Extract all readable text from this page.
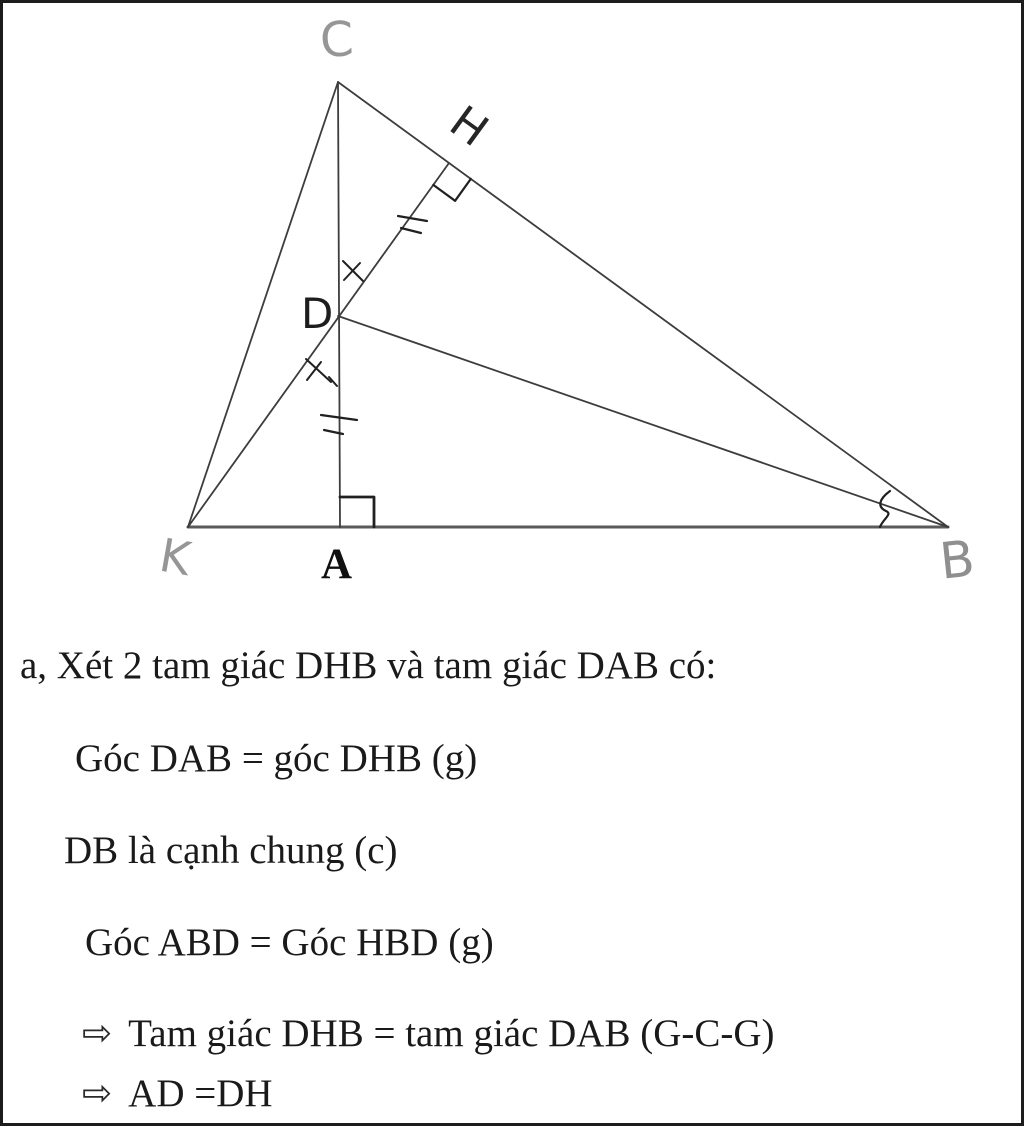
C
H
D
K	A	B
a, Xét 2 tam giác DHB và tam giác DAB có:
Góc DAB = góc DHB (g)
DB là cạnh chung (c)
Góc ABD = Góc HBD (g)
⇨ Tam giác DHB = tam giác DAB (G-C-G)
⇨ AD =DH
